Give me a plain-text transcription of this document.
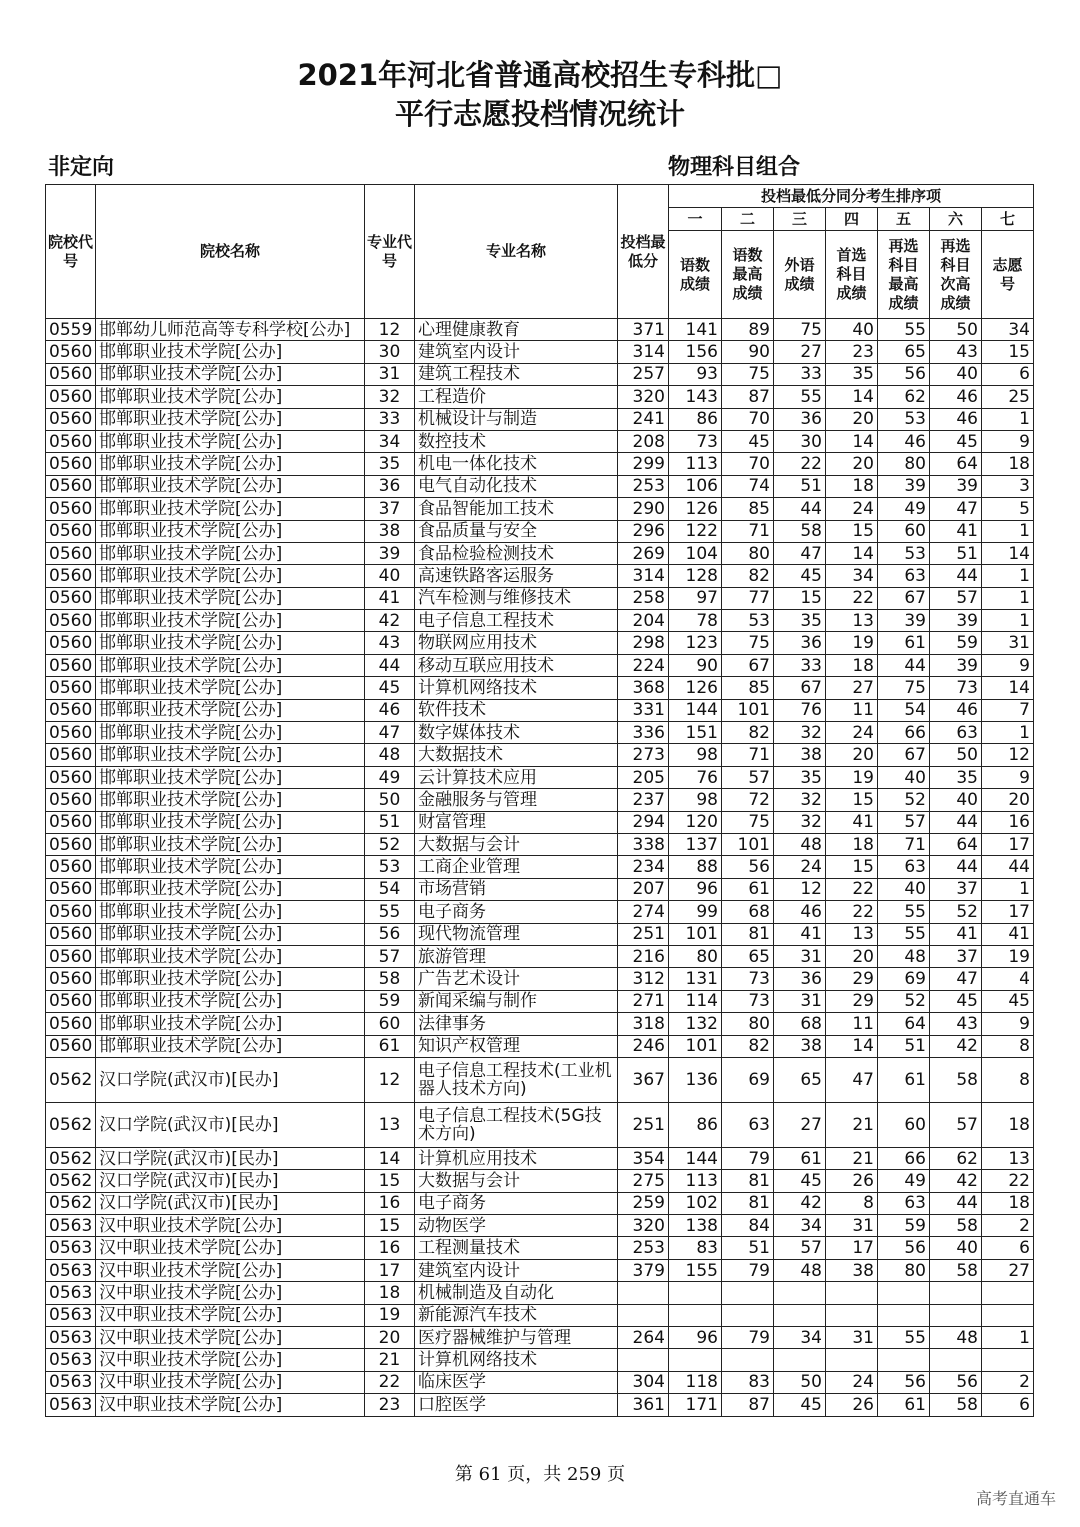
2021年河北省普通高校招生专科批□
平行志愿投档情况统计
非定向	物理科目组合
院校代号	院校名称	专业代号	专业名称	投档最低分	投档最低分同分考生排序项						
					一	二	三	四	五	六	七
					语数成绩	语数最高成绩	外语成绩	首选科目成绩	再选科目最高成绩	再选科目次高成绩	志愿号
0559	邯郸幼儿师范高等专科学校[公办]	12	心理健康教育	371	141	89	75	40	55	50	34
0560	邯郸职业技术学院[公办]	30	建筑室内设计	314	156	90	27	23	65	43	15
0560	邯郸职业技术学院[公办]	31	建筑工程技术	257	93	75	33	35	56	40	6
0560	邯郸职业技术学院[公办]	32	工程造价	320	143	87	55	14	62	46	25
0560	邯郸职业技术学院[公办]	33	机械设计与制造	241	86	70	36	20	53	46	1
0560	邯郸职业技术学院[公办]	34	数控技术	208	73	45	30	14	46	45	9
0560	邯郸职业技术学院[公办]	35	机电一体化技术	299	113	70	22	20	80	64	18
0560	邯郸职业技术学院[公办]	36	电气自动化技术	253	106	74	51	18	39	39	3
0560	邯郸职业技术学院[公办]	37	食品智能加工技术	290	126	85	44	24	49	47	5
0560	邯郸职业技术学院[公办]	38	食品质量与安全	296	122	71	58	15	60	41	1
0560	邯郸职业技术学院[公办]	39	食品检验检测技术	269	104	80	47	14	53	51	14
0560	邯郸职业技术学院[公办]	40	高速铁路客运服务	314	128	82	45	34	63	44	1
0560	邯郸职业技术学院[公办]	41	汽车检测与维修技术	258	97	77	15	22	67	57	1
0560	邯郸职业技术学院[公办]	42	电子信息工程技术	204	78	53	35	13	39	39	1
0560	邯郸职业技术学院[公办]	43	物联网应用技术	298	123	75	36	19	61	59	31
0560	邯郸职业技术学院[公办]	44	移动互联应用技术	224	90	67	33	18	44	39	9
0560	邯郸职业技术学院[公办]	45	计算机网络技术	368	126	85	67	27	75	73	14
0560	邯郸职业技术学院[公办]	46	软件技术	331	144	101	76	11	54	46	7
0560	邯郸职业技术学院[公办]	47	数字媒体技术	336	151	82	32	24	66	63	1
0560	邯郸职业技术学院[公办]	48	大数据技术	273	98	71	38	20	67	50	12
0560	邯郸职业技术学院[公办]	49	云计算技术应用	205	76	57	35	19	40	35	9
0560	邯郸职业技术学院[公办]	50	金融服务与管理	237	98	72	32	15	52	40	20
0560	邯郸职业技术学院[公办]	51	财富管理	294	120	75	32	41	57	44	16
0560	邯郸职业技术学院[公办]	52	大数据与会计	338	137	101	48	18	71	64	17
0560	邯郸职业技术学院[公办]	53	工商企业管理	234	88	56	24	15	63	44	44
0560	邯郸职业技术学院[公办]	54	市场营销	207	96	61	12	22	40	37	1
0560	邯郸职业技术学院[公办]	55	电子商务	274	99	68	46	22	55	52	17
0560	邯郸职业技术学院[公办]	56	现代物流管理	251	101	81	41	13	55	41	41
0560	邯郸职业技术学院[公办]	57	旅游管理	216	80	65	31	20	48	37	19
0560	邯郸职业技术学院[公办]	58	广告艺术设计	312	131	73	36	29	69	47	4
0560	邯郸职业技术学院[公办]	59	新闻采编与制作	271	114	73	31	29	52	45	45
0560	邯郸职业技术学院[公办]	60	法律事务	318	132	80	68	11	64	43	9
0560	邯郸职业技术学院[公办]	61	知识产权管理	246	101	82	38	14	51	42	8
0562	汉口学院(武汉市)[民办]	12	电子信息工程技术(工业机器人技术方向)	367	136	69	65	47	61	58	8
0562	汉口学院(武汉市)[民办]	13	电子信息工程技术(5G技术方向)	251	86	63	27	21	60	57	18
0562	汉口学院(武汉市)[民办]	14	计算机应用技术	354	144	79	61	21	66	62	13
0562	汉口学院(武汉市)[民办]	15	大数据与会计	275	113	81	45	26	49	42	22
0562	汉口学院(武汉市)[民办]	16	电子商务	259	102	81	42	8	63	44	18
0563	汉中职业技术学院[公办]	15	动物医学	320	138	84	34	31	59	58	2
0563	汉中职业技术学院[公办]	16	工程测量技术	253	83	51	57	17	56	40	6
0563	汉中职业技术学院[公办]	17	建筑室内设计	379	155	79	48	38	80	58	27
0563	汉中职业技术学院[公办]	18	机械制造及自动化								
0563	汉中职业技术学院[公办]	19	新能源汽车技术								
0563	汉中职业技术学院[公办]	20	医疗器械维护与管理	264	96	79	34	31	55	48	1
0563	汉中职业技术学院[公办]	21	计算机网络技术								
0563	汉中职业技术学院[公办]	22	临床医学	304	118	83	50	24	56	56	2
0563	汉中职业技术学院[公办]	23	口腔医学	361	171	87	45	26	61	58	6
第 61 页，共 259 页
高考直通车
